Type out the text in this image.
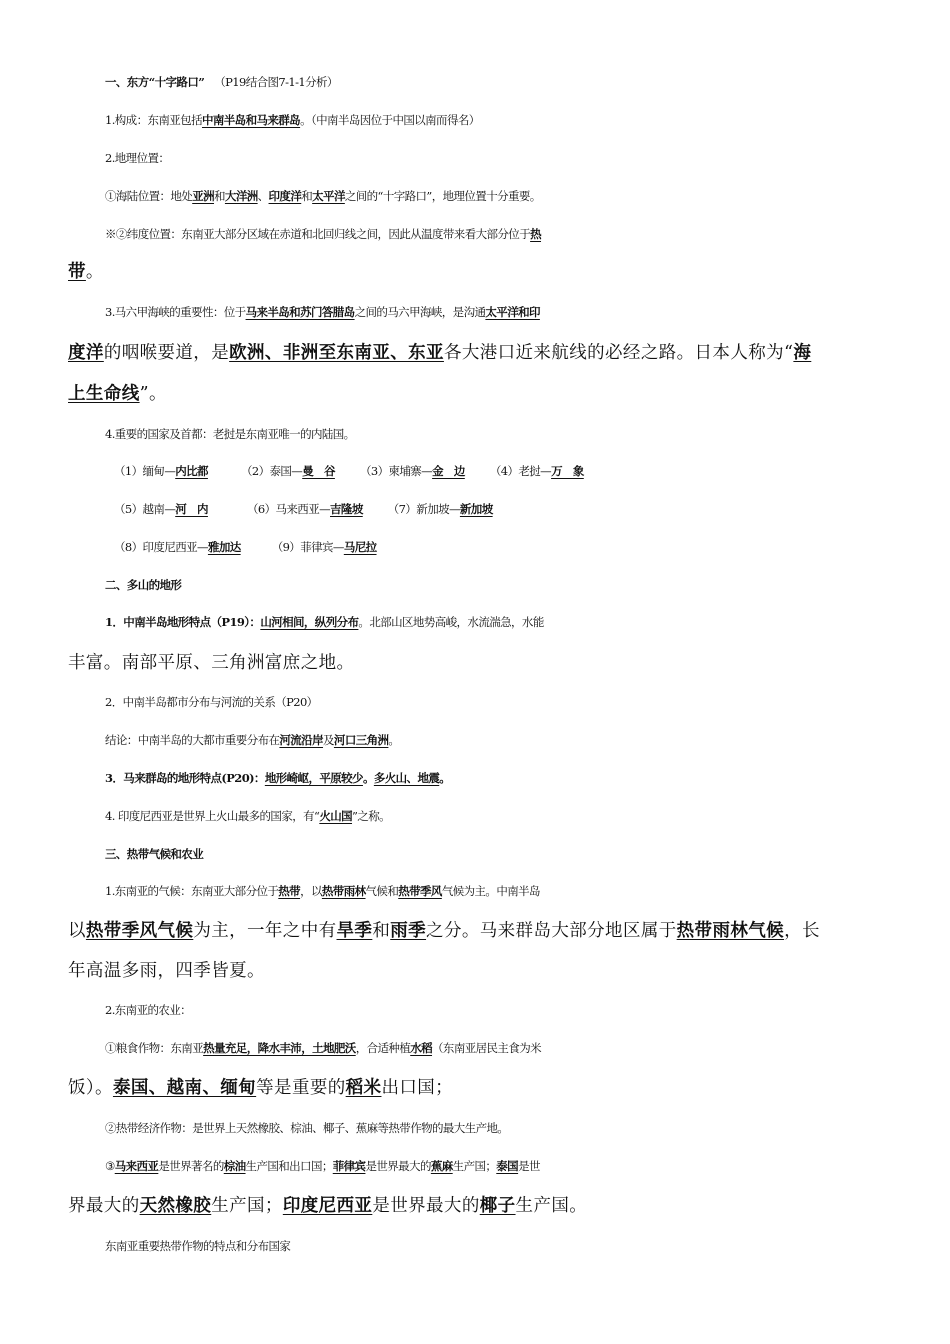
一、东方“十字路口” （P19结合图7-1-1分析）
1.构成：东南亚包括中南半岛和马来群岛。（中南半岛因位于中国以南而得名）
2.地理位置：
①海陆位置：地处亚洲和大洋洲、印度洋和太平洋之间的“十字路口”，地理位置十分重要。
※②纬度位置：东南亚大部分区域在赤道和北回归线之间，因此从温度带来看大部分位于热
带。
3.马六甲海峡的重要性：位于马来半岛和苏门答腊岛之间的马六甲海峡，是沟通太平洋和印
度洋的咽喉要道，是欧洲、非洲至东南亚、东亚各大港口近来航线的必经之路。日本人称为“海
上生命线”。
4.重要的国家及首都：老挝是东南亚唯一的内陆国。
（1）缅甸—内比都	（2）泰国—曼　谷 （3）柬埔寨—金　边 （4）老挝—万　象
（5）越南—河　内	（6）马来西亚—吉隆坡 （7）新加坡—新加坡
（8）印度尼西亚—雅加达	（9）菲律宾—马尼拉
二、多山的地形
1．中南半岛地形特点（P19）：山河相间，纵列分布。北部山区地势高峻，水流湍急，水能
丰富。南部平原、三角洲富庶之地。
2．中南半岛都市分布与河流的关系（P20）
结论：中南半岛的大都市重要分布在河流沿岸及河口三角洲。
3．马来群岛的地形特点(P20)：地形崎岖，平原较少。多火山、地震。
4. 印度尼西亚是世界上火山最多的国家，有“火山国”之称。
三、热带气候和农业
1.东南亚的气候：东南亚大部分位于热带，以热带雨林气候和热带季风气候为主。中南半岛
以热带季风气候为主，一年之中有旱季和雨季之分。马来群岛大部分地区属于热带雨林气候，长
年高温多雨，四季皆夏。
2.东南亚的农业：
①粮食作物：东南亚热量充足，降水丰沛，土地肥沃，合适种植水稻（东南亚居民主食为米
饭）。泰国、越南、缅甸等是重要的稻米出口国；
②热带经济作物：是世界上天然橡胶、棕油、椰子、蕉麻等热带作物的最大生产地。
③马来西亚是世界著名的棕油生产国和出口国；菲律宾是世界最大的蕉麻生产国；泰国是世
界最大的天然橡胶生产国；印度尼西亚是世界最大的椰子生产国。
东南亚重要热带作物的特点和分布国家
